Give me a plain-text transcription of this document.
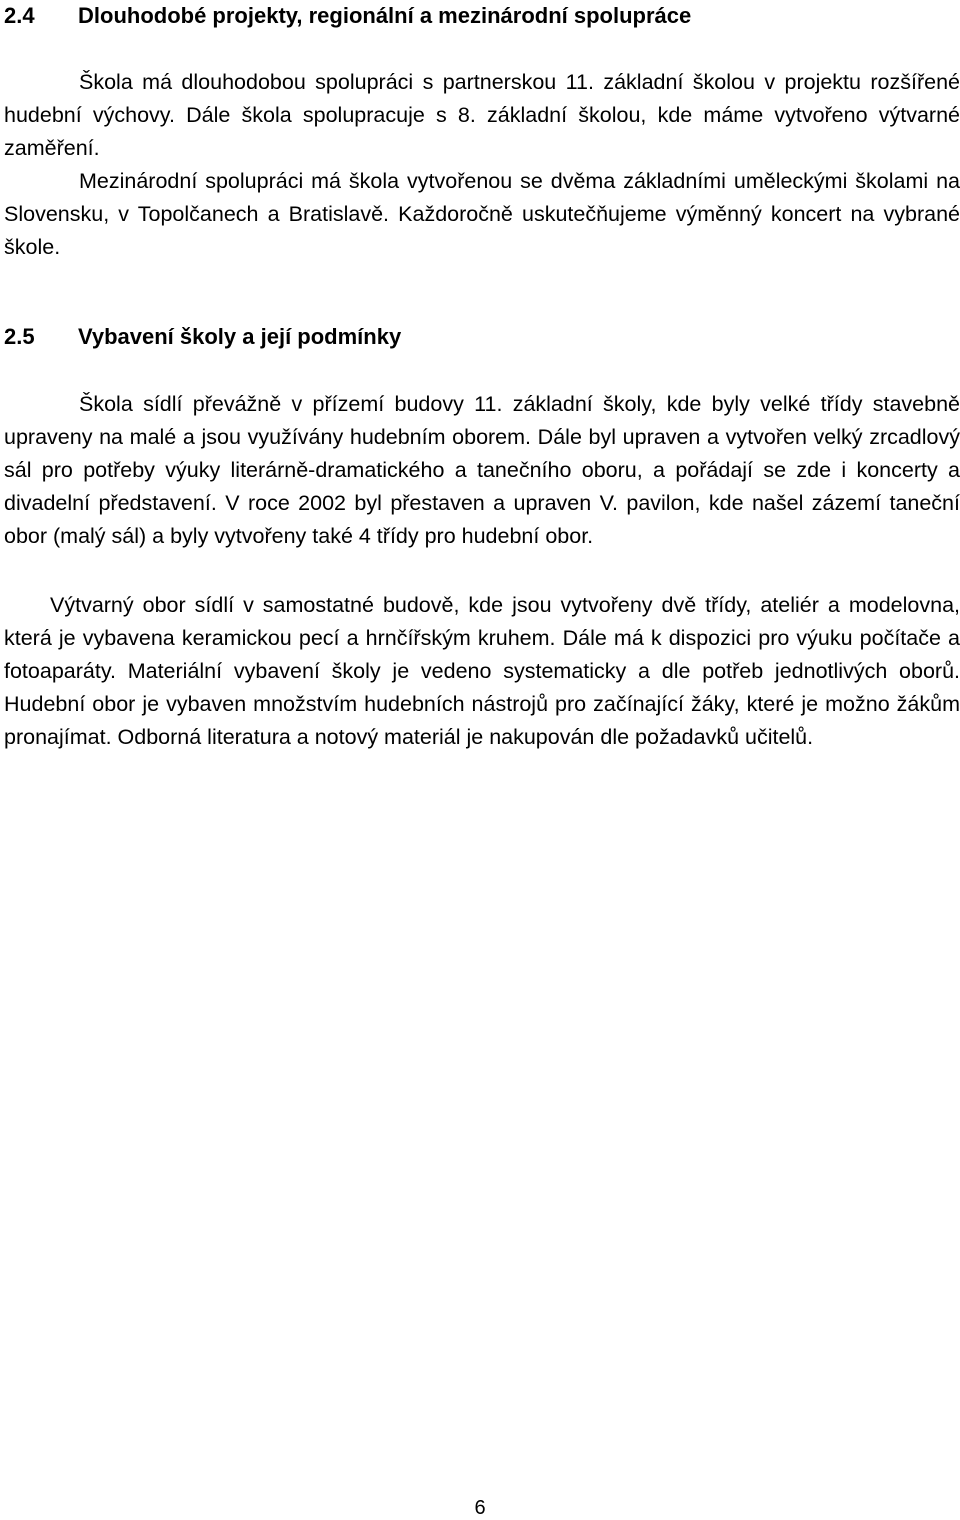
2.4 Dlouhodobé projekty, regionální a mezinárodní spolupráce

Škola má dlouhodobou spolupráci s partnerskou 11. základní školou v projektu rozšířené hudební výchovy. Dále škola spolupracuje s 8. základní školou, kde máme vytvořeno výtvarné zaměření.

Mezinárodní spolupráci má škola vytvořenou se dvěma základními uměleckými školami na Slovensku, v Topolčanech a Bratislavě. Každoročně uskutečňujeme výměnný koncert na vybrané škole.

2.5 Vybavení školy a její podmínky

Škola sídlí převážně v přízemí budovy 11. základní školy, kde byly velké třídy stavebně upraveny na malé a jsou využívány hudebním oborem. Dále byl upraven a vytvořen velký zrcadlový sál pro potřeby výuky literárně-dramatického a tanečního oboru, a pořádají se zde i koncerty a divadelní představení. V roce 2002 byl přestaven a upraven V. pavilon, kde našel zázemí taneční obor (malý sál) a byly vytvořeny také 4 třídy pro hudební obor.

Výtvarný obor sídlí v samostatné budově, kde jsou vytvořeny dvě třídy, ateliér a modelovna, která je vybavena keramickou pecí a hrnčířským kruhem. Dále má k dispozici pro výuku počítače a fotoaparáty. Materiální vybavení školy je vedeno systematicky a dle potřeb jednotlivých oborů. Hudební obor je vybaven množstvím hudebních nástrojů pro začínající žáky, které je možno žákům pronajímat. Odborná literatura a notový materiál je nakupován dle požadavků učitelů.

6
